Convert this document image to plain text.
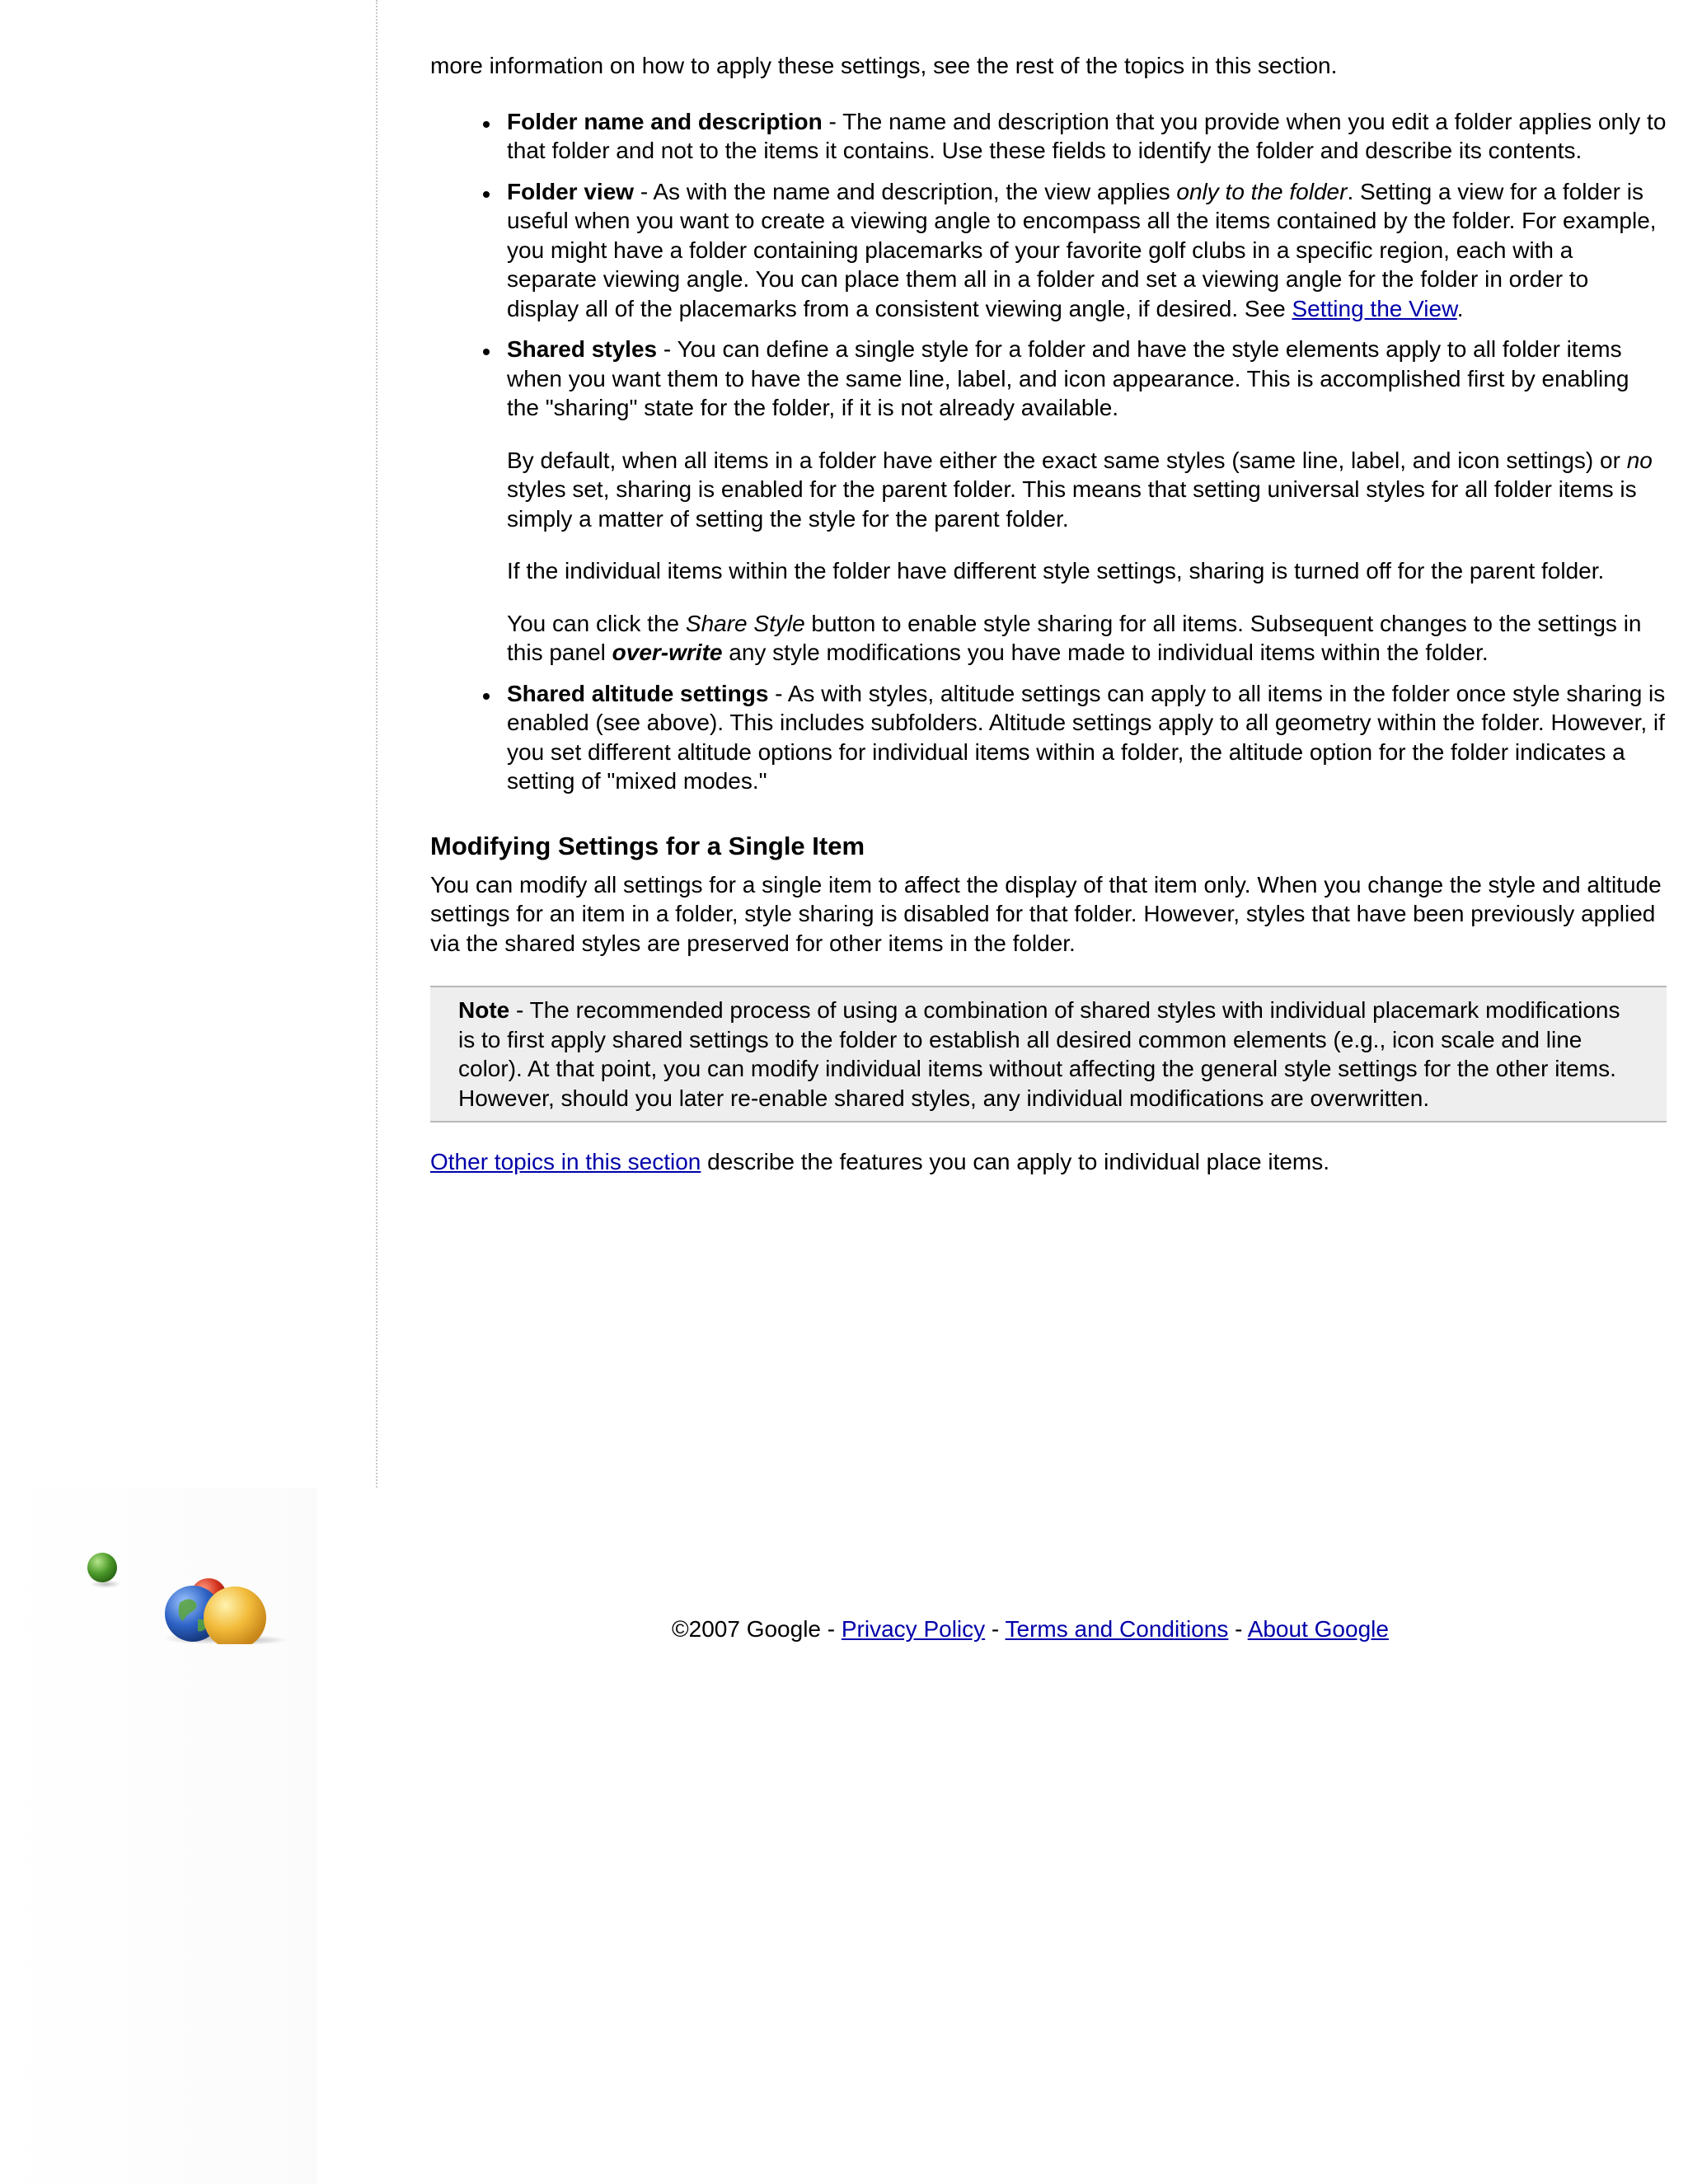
more information on how to apply these settings, see the rest of the topics in this section.

Folder name and description - The name and description that you provide when you edit a folder applies only to that folder and not to the items it contains. Use these fields to identify the folder and describe its contents.
Folder view - As with the name and description, the view applies only to the folder. Setting a view for a folder is useful when you want to create a viewing angle to encompass all the items contained by the folder. For example, you might have a folder containing placemarks of your favorite golf clubs in a specific region, each with a separate viewing angle. You can place them all in a folder and set a viewing angle for the folder in order to display all of the placemarks from a consistent viewing angle, if desired. See Setting the View.
Shared styles - You can define a single style for a folder and have the style elements apply to all folder items when you want them to have the same line, label, and icon appearance. This is accomplished first by enabling the "sharing" state for the folder, if it is not already available.

By default, when all items in a folder have either the exact same styles (same line, label, and icon settings) or no styles set, sharing is enabled for the parent folder. This means that setting universal styles for all folder items is simply a matter of setting the style for the parent folder.

If the individual items within the folder have different style settings, sharing is turned off for the parent folder.

You can click the Share Style button to enable style sharing for all items. Subsequent changes to the settings in this panel over-write any style modifications you have made to individual items within the folder.

Shared altitude settings - As with styles, altitude settings can apply to all items in the folder once style sharing is enabled (see above). This includes subfolders. Altitude settings apply to all geometry within the folder. However, if you set different altitude options for individual items within a folder, the altitude option for the folder indicates a setting of "mixed modes."
Modifying Settings for a Single Item

You can modify all settings for a single item to affect the display of that item only. When you change the style and altitude settings for an item in a folder, style sharing is disabled for that folder. However, styles that have been previously applied via the shared styles are preserved for other items in the folder.

Note - The recommended process of using a combination of shared styles with individual placemark modifications is to first apply shared settings to the folder to establish all desired common elements (e.g., icon scale and line color). At that point, you can modify individual items without affecting the general style settings for the other items. However, should you later re-enable shared styles, any individual modifications are overwritten.

Other topics in this section describe the features you can apply to individual place items.

©2007 Google - Privacy Policy - Terms and Conditions - About Google
